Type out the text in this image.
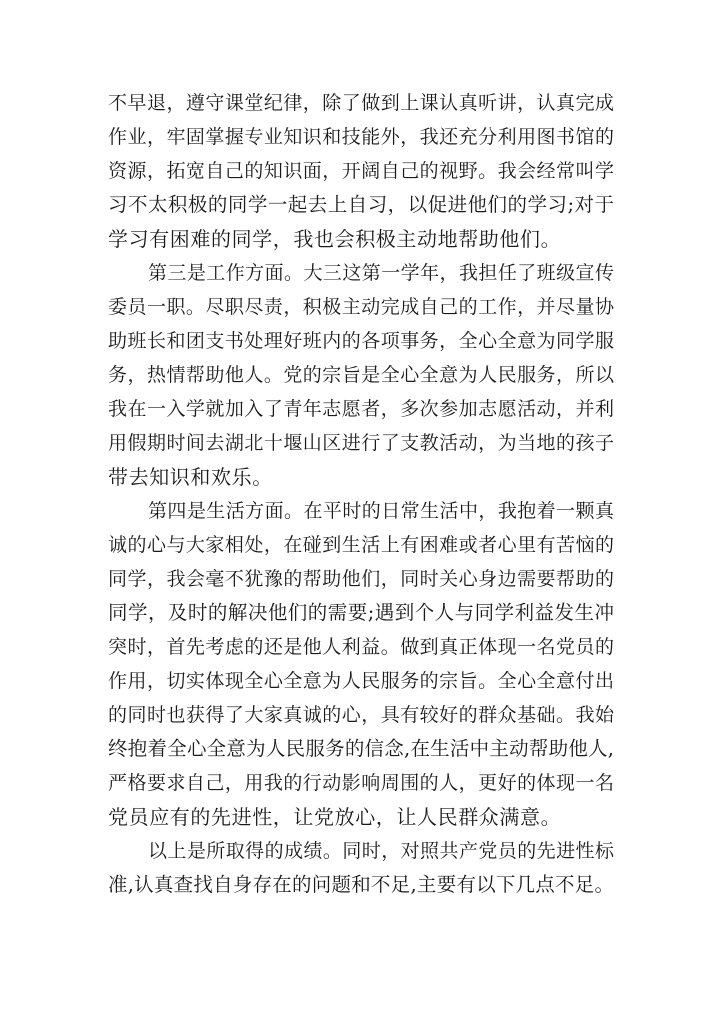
不早退，遵守课堂纪律，除了做到上课认真听讲，认真完成
作业，牢固掌握专业知识和技能外，我还充分利用图书馆的
资源，拓宽自己的知识面，开阔自己的视野。我会经常叫学
习不太积极的同学一起去上自习，以促进他们的学习;对于
学习有困难的同学，我也会积极主动地帮助他们。
第三是工作方面。大三这第一学年，我担任了班级宣传
委员一职。尽职尽责，积极主动完成自己的工作，并尽量协
助班长和团支书处理好班内的各项事务，全心全意为同学服
务，热情帮助他人。党的宗旨是全心全意为人民服务，所以
我在一入学就加入了青年志愿者，多次参加志愿活动，并利
用假期时间去湖北十堰山区进行了支教活动，为当地的孩子
带去知识和欢乐。
第四是生活方面。在平时的日常生活中，我抱着一颗真
诚的心与大家相处，在碰到生活上有困难或者心里有苦恼的
同学，我会毫不犹豫的帮助他们，同时关心身边需要帮助的
同学，及时的解决他们的需要;遇到个人与同学利益发生冲
突时，首先考虑的还是他人利益。做到真正体现一名党员的
作用，切实体现全心全意为人民服务的宗旨。全心全意付出
的同时也获得了大家真诚的心，具有较好的群众基础。我始
终抱着全心全意为人民服务的信念,在生活中主动帮助他人,
严格要求自己，用我的行动影响周围的人，更好的体现一名
党员应有的先进性，让党放心，让人民群众满意。
以上是所取得的成绩。同时，对照共产党员的先进性标
准,认真查找自身存在的问题和不足,主要有以下几点不足。
